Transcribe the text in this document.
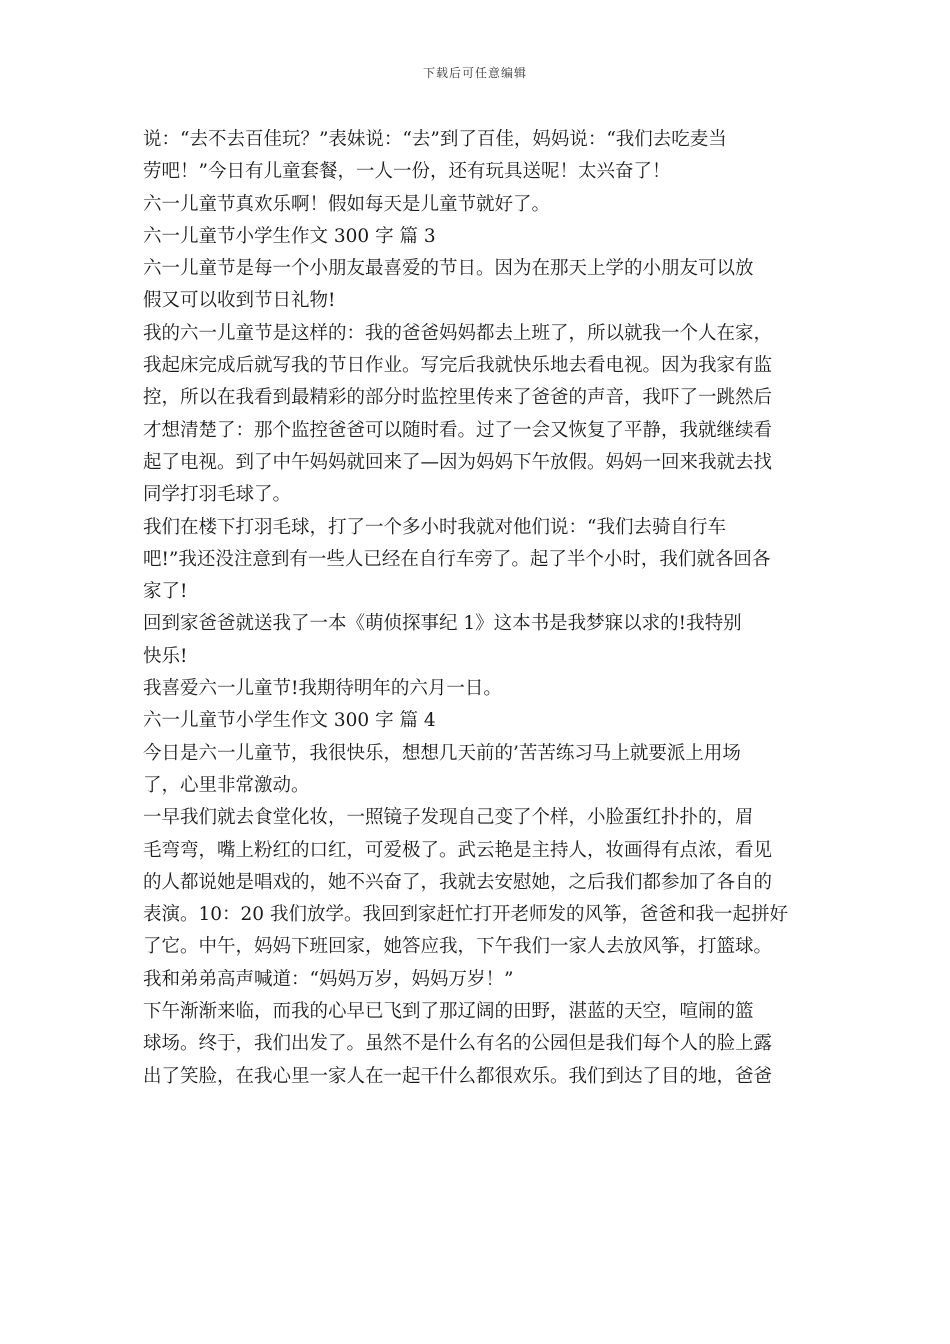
下载后可任意编辑

说：“去不去百佳玩？”表妹说：“去”到了百佳，妈妈说：“我们去吃麦当
劳吧！”今日有儿童套餐，一人一份，还有玩具送呢！太兴奋了！

六一儿童节真欢乐啊！假如每天是儿童节就好了。

六一儿童节小学生作文 300 字 篇 3

六一儿童节是每一个小朋友最喜爱的节日。因为在那天上学的小朋友可以放
假又可以收到节日礼物!

我的六一儿童节是这样的：我的爸爸妈妈都去上班了，所以就我一个人在家，
我起床完成后就写我的节日作业。写完后我就快乐地去看电视。因为我家有监
控，所以在我看到最精彩的部分时监控里传来了爸爸的声音，我吓了一跳然后
才想清楚了：那个监控爸爸可以随时看。过了一会又恢复了平静，我就继续看
起了电视。到了中午妈妈就回来了—因为妈妈下午放假。妈妈一回来我就去找
同学打羽毛球了。

我们在楼下打羽毛球，打了一个多小时我就对他们说：“我们去骑自行车
吧!”我还没注意到有一些人已经在自行车旁了。起了半个小时，我们就各回各
家了!

回到家爸爸就送我了一本《萌侦探事纪 1》这本书是我梦寐以求的!我特别
快乐!

我喜爱六一儿童节!我期待明年的六月一日。

六一儿童节小学生作文 300 字 篇 4

今日是六一儿童节，我很快乐，想想几天前的’苦苦练习马上就要派上用场
了，心里非常激动。

一早我们就去食堂化妆，一照镜子发现自己变了个样，小脸蛋红扑扑的，眉
毛弯弯，嘴上粉红的口红，可爱极了。武云艳是主持人，妆画得有点浓，看见
的人都说她是唱戏的，她不兴奋了，我就去安慰她，之后我们都参加了各自的
表演。10：20 我们放学。我回到家赶忙打开老师发的风筝，爸爸和我一起拼好
了它。中午，妈妈下班回家，她答应我，下午我们一家人去放风筝，打篮球。
我和弟弟高声喊道：“妈妈万岁，妈妈万岁！”

下午渐渐来临，而我的心早已飞到了那辽阔的田野，湛蓝的天空，喧闹的篮
球场。终于，我们出发了。虽然不是什么有名的公园但是我们每个人的脸上露
出了笑脸，在我心里一家人在一起干什么都很欢乐。我们到达了目的地，爸爸
